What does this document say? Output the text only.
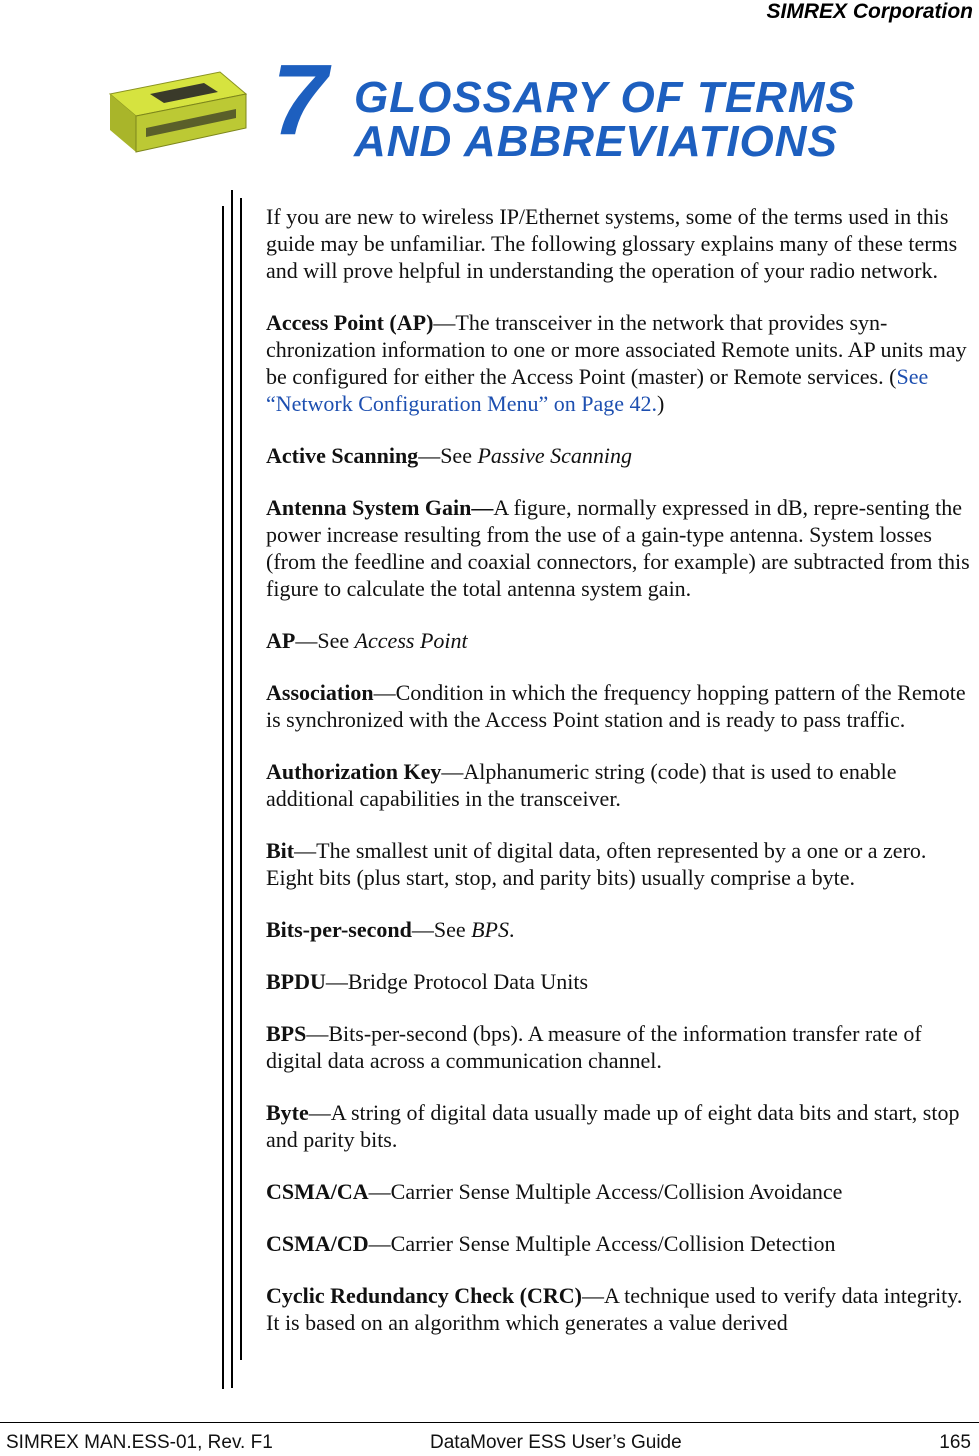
SIMREX Corporation
7 GLOSSARY OF TERMS
AND ABBREVIATIONS

If you are new to wireless IP/Ethernet systems, some of the terms used in this guide may be unfamiliar. The following glossary explains many of these terms and will prove helpful in understanding the operation of your radio network.

Access Point (AP)—The transceiver in the network that provides syn-chronization information to one or more associated Remote units. AP units may be configured for either the Access Point (master) or Remote services. (See “Network Configuration Menu” on Page 42.)

Active Scanning—See Passive Scanning

Antenna System Gain—A figure, normally expressed in dB, repre-senting the power increase resulting from the use of a gain-type antenna. System losses (from the feedline and coaxial connectors, for example) are subtracted from this figure to calculate the total antenna system gain.

AP—See Access Point

Association—Condition in which the frequency hopping pattern of the Remote is synchronized with the Access Point station and is ready to pass traffic.

Authorization Key—Alphanumeric string (code) that is used to enable additional capabilities in the transceiver.

Bit—The smallest unit of digital data, often represented by a one or a zero. Eight bits (plus start, stop, and parity bits) usually comprise a byte.

Bits-per-second—See BPS.

BPDU—Bridge Protocol Data Units

BPS—Bits-per-second (bps). A measure of the information transfer rate of digital data across a communication channel.

Byte—A string of digital data usually made up of eight data bits and start, stop and parity bits.

CSMA/CA—Carrier Sense Multiple Access/Collision Avoidance

CSMA/CD—Carrier Sense Multiple Access/Collision Detection

Cyclic Redundancy Check (CRC)—A technique used to verify data integrity. It is based on an algorithm which generates a value derived

SIMREX MAN.ESS-01, Rev. F1	DataMover ESS User’s Guide	165
